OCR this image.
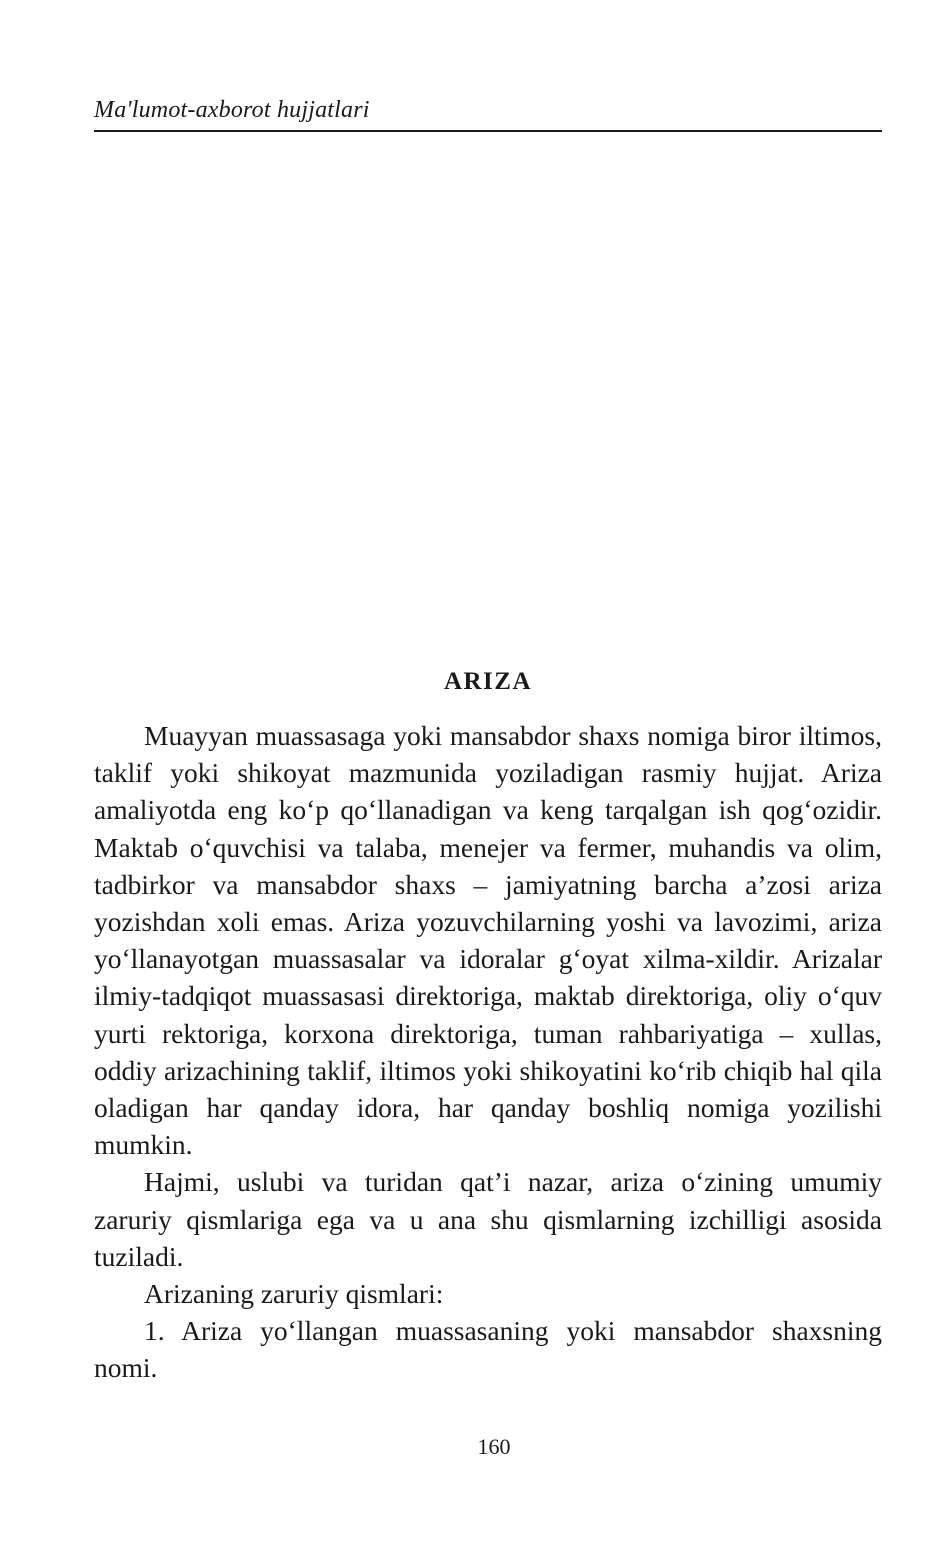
Ma'lumot-axborot hujjatlari
ARIZA

Muayyan muassasaga yoki mansabdor shaxs nomiga biror iltimos, taklif yoki shikoyat mazmunida yoziladigan rasmiy hujjat. Ariza amaliyotda eng ko‘p qo‘llanadigan va keng tarqalgan ish qog‘ozidir. Maktab o‘quvchisi va talaba, menejer va fermer, muhandis va olim, tadbirkor va mansabdor shaxs – jamiyatning barcha a’zosi ariza yozishdan xoli emas. Ariza yozuvchilarning yoshi va lavozimi, ariza yo‘llanayotgan muassasalar va idoralar g‘oyat xilma-xildir. Arizalar ilmiy-tadqiqot muassasasi direktoriga, maktab direktoriga, oliy o‘quv yurti rektoriga, korxona direktoriga, tuman rahbariyatiga – xullas, oddiy arizachining taklif, iltimos yoki shikoyatini ko‘rib chiqib hal qila oladigan har qanday idora, har qanday boshliq nomiga yozilishi mumkin.

Hajmi, uslubi va turidan qat’i nazar, ariza o‘zining umumiy zaruriy qismlariga ega va u ana shu qismlarning izchilligi asosida tuziladi.

Arizaning zaruriy qismlari:

1. Ariza yo‘llangan muassasaning yoki mansabdor shaxsning nomi.

160
